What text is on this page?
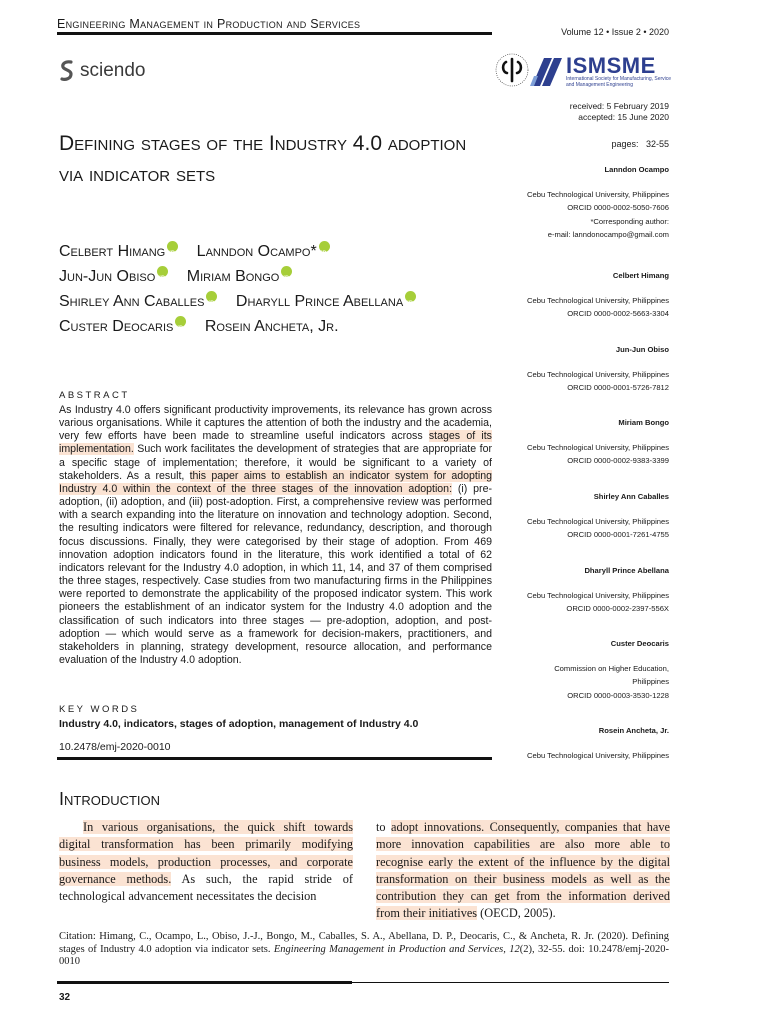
Engineering Management in Production and Services
Volume 12 • Issue 2 • 2020
sciendo	ISMSME
International Society for Manufacturing, Service and Management Engineering
received: 5 February 2019
accepted: 15 June 2020
pages:   32-55
Defining stages of the Industry 4.0 adoption via indicator sets
Celbert Himang iD Lanndon Ocampo*iD
Jun-Jun Obiso iD Miriam BongoiD
Shirley Ann Caballes iD Dharyll Prince AbellanaiD
Custer Deocaris iD Rosein Ancheta, Jr.
ABSTRACT
As Industry 4.0 offers significant productivity improvements, its relevance has grown across various organisations. While it captures the attention of both the industry and the academia, very few efforts have been made to streamline useful indicators across stages of its implementation. Such work facilitates the development of strategies that are appropriate for a specific stage of implementation; therefore, it would be significant to a variety of stakeholders. As a result, this paper aims to establish an indicator system for adopting Industry 4.0 within the context of the three stages of the innovation adoption: (i) pre-adoption, (ii) adoption, and (iii) post-adoption. First, a comprehensive review was performed with a search expanding into the literature on innovation and technology adoption. Second, the resulting indicators were filtered for relevance, redundancy, description, and thorough focus discussions. Finally, they were categorised by their stage of adoption. From 469 innovation adoption indicators found in the literature, this work identified a total of 62 indicators relevant for the Industry 4.0 adoption, in which 11, 14, and 37 of them comprised the three stages, respectively. Case studies from two manufacturing firms in the Philippines were reported to demonstrate the applicability of the proposed indicator system. This work pioneers the establishment of an indicator system for the Industry 4.0 adoption and the classification of such indicators into three stages — pre-adoption, adoption, and post-adoption — which would serve as a framework for decision-makers, practitioners, and stakeholders in planning, strategy development, resource allocation, and performance evaluation of the Industry 4.0 adoption.
KEY WORDS
Industry 4.0, indicators, stages of adoption, management of Industry 4.0
10.2478/emj-2020-0010
Lanndon Ocampo
Cebu Technological University, Philippines
ORCID 0000-0002-5050-7606
*Corresponding author:
e-mail: lanndonocampo@gmail.com
Celbert Himang
Cebu Technological University, Philippines
ORCID 0000-0002-5663-3304
Jun-Jun Obiso
Cebu Technological University, Philippines
ORCID 0000-0001-5726-7812
Miriam Bongo
Cebu Technological University, Philippines
ORCID 0000-0002-9383-3399
Shirley Ann Caballes
Cebu Technological University, Philippines
ORCID 0000-0001-7261-4755
Dharyll Prince Abellana
Cebu Technological University, Philippines
ORCID 0000-0002-2397-556X
Custer Deocaris
Commission on Higher Education,
Philippines
ORCID 0000-0003-3530-1228
Rosein Ancheta, Jr.
Cebu Technological University, Philippines
Introduction
In various organisations, the quick shift towards digital transformation has been primarily modifying business models, production processes, and corporate governance methods. As such, the rapid stride of technological advancement necessitates the decision
to adopt innovations. Consequently, companies that have more innovation capabilities are also more able to recognise early the extent of the influence by the digital transformation on their business models as well as the contribution they can get from the information derived from their initiatives (OECD, 2005).
Citation: Himang, C., Ocampo, L., Obiso, J.-J., Bongo, M., Caballes, S. A., Abellana, D. P., Deocaris, C., & Ancheta, R. Jr. (2020). Defining stages of Industry 4.0 adoption via indicator sets. Engineering Management in Production and Services, 12(2), 32-55. doi: 10.2478/emj-2020-0010
32
